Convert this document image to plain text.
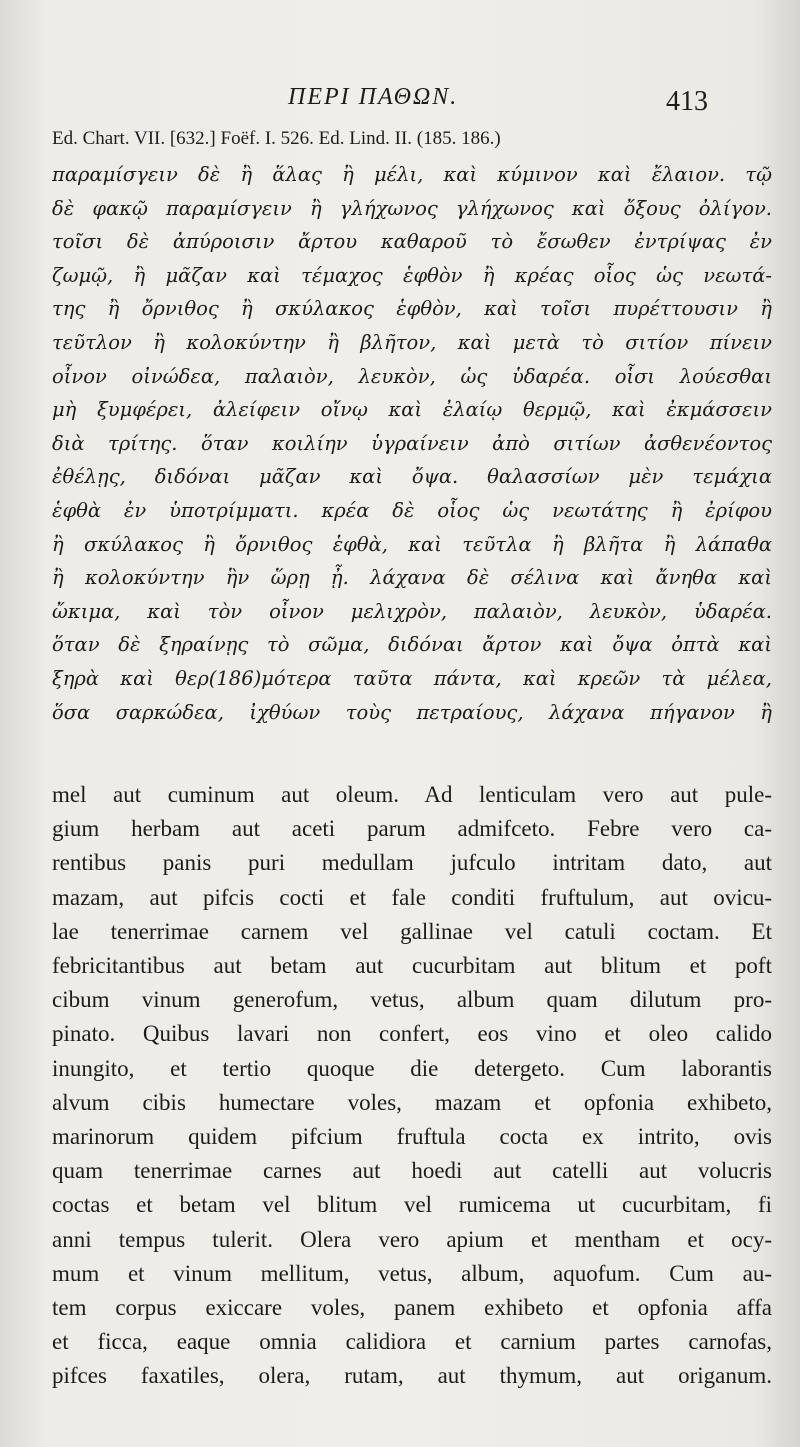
ΠΕΡΙ ΠΑΘΩΝ.	413
Ed. Chart. VII. [632.] Foëf. I. 526. Ed. Lind. II. (185. 186.)
παραμίσγειν δὲ ἢ ἅλας ἢ μέλι, καὶ κύμινον καὶ ἔλαιον. τῷ
δὲ φακῷ παραμίσγειν ἢ γλήχωνος γλήχωνος καὶ ὄξους ὀλίγον.
τοῖσι δὲ ἀπύροισιν ἄρτου καθαροῦ τὸ ἔσωθεν ἐντρίψας ἐν
ζωμῷ, ἢ μᾶζαν καὶ τέμαχος ἑφθὸν ἢ κρέας οἷος ὡς νεωτά-
της ἢ ὄρνιθος ἢ σκύλακος ἑφθὸν, καὶ τοῖσι πυρέττουσιν ἢ
τεῦτλον ἢ κολοκύντην ἢ βλῆτον, καὶ μετὰ τὸ σιτίον πίνειν
οἶνον οἰνώδεα, παλαιὸν, λευκὸν, ὡς ὑδαρέα. οἷσι λούεσθαι
μὴ ξυμφέρει, ἀλείφειν οἴνῳ καὶ ἐλαίῳ θερμῷ, καὶ ἐκμάσσειν
διὰ τρίτης. ὅταν κοιλίην ὑγραίνειν ἀπὸ σιτίων ἀσθενέοντος
ἐθέλῃς, διδόναι μᾶζαν καὶ ὄψα. θαλασσίων μὲν τεμάχια
ἑφθὰ ἐν ὑποτρίμματι. κρέα δὲ οἷος ὡς νεωτάτης ἢ ἐρίφου
ἢ σκύλακος ἢ ὄρνιθος ἑφθὰ, καὶ τεῦτλα ἢ βλῆτα ἢ λάπαθα
ἢ κολοκύντην ἣν ὥρῃ ᾖ. λάχανα δὲ σέλινα καὶ ἄνηθα καὶ
ὤκιμα, καὶ τὸν οἶνον μελιχρὸν, παλαιὸν, λευκὸν, ὑδαρέα.
ὅταν δὲ ξηραίνῃς τὸ σῶμα, διδόναι ἄρτον καὶ ὄψα ὀπτὰ καὶ
ξηρὰ καὶ θερ(186)μότερα ταῦτα πάντα, καὶ κρεῶν τὰ μέλεα,
ὅσα σαρκώδεα, ἰχθύων τοὺς πετραίους, λάχανα πήγανον ἢ
mel aut cuminum aut oleum. Ad lenticulam vero aut pule-
gium herbam aut aceti parum admifceto. Febre vero ca-
rentibus panis puri medullam jufculo intritam dato, aut
mazam, aut pifcis cocti et fale conditi fruftulum, aut ovicu-
lae tenerrimae carnem vel gallinae vel catuli coctam. Et
febricitantibus aut betam aut cucurbitam aut blitum et poft
cibum vinum generofum, vetus, album quam dilutum pro-
pinato. Quibus lavari non confert, eos vino et oleo calido
inungito, et tertio quoque die detergeto. Cum laborantis
alvum cibis humectare voles, mazam et opfonia exhibeto,
marinorum quidem pifcium fruftula cocta ex intrito, ovis
quam tenerrimae carnes aut hoedi aut catelli aut volucris
coctas et betam vel blitum vel rumicema ut cucurbitam, fi
anni tempus tulerit. Olera vero apium et mentham et ocy-
mum et vinum mellitum, vetus, album, aquofum. Cum au-
tem corpus exiccare voles, panem exhibeto et opfonia affa
et ficca, eaque omnia calidiora et carnium partes carnofas,
pifces faxatiles, olera, rutam, aut thymum, aut origanum.
